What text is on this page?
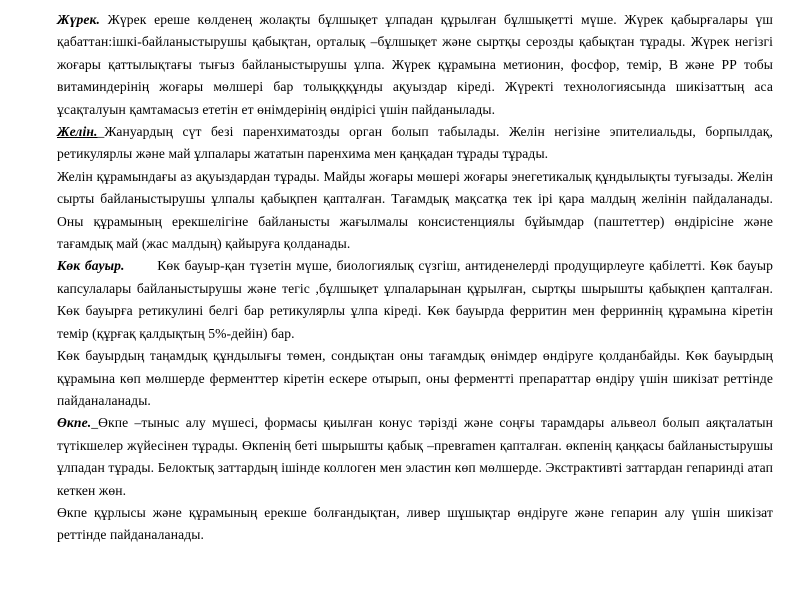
Жүрек. Жүрек ереше көлденең жолақты бұлшықет ұлпадан құрылған бұлшықетті мүше. Жүрек қабырғалары үш қабаттан:ішкі-байланыстырушы қабықтан, орталық –бұлшықет және сыртқы серозды қабықтан тұрады. Жүрек негізгі жоғары қаттылықтағы тығыз байланыстырушы ұлпа. Жүрек құрамына метионин, фосфор, темір, В және РР тобы витаминдерінің жоғары мөлшері бар толықққұнды ақуыздар кіреді. Жүректі технологиясында шикізаттың аса ұсақталуын қамтамасыз ететін ет өнімдерінің өндірісі үшін пайданылады.

Желін._Жануардың сүт безі паренхиматозды орган болып табылады. Желін негізіне эпителиальды, борпылдақ, ретикулярлы және май ұлпалары жататын паренхима мен қаңқадан тұрады тұрады.

Желін құрамындағы аз ақуыздардан тұрады. Майды жоғары мөшері жоғары энегетикалық құндылықты туғызады. Желін сырты байланыстырушы ұлпалы қабықпен қапталған. Тағамдық мақсатқа тек ірі қара малдың желінін пайдаланады. Оны құрамының ерекшелігіне байланысты жағылмалы консистенциялы бұйымдар (паштеттер) өндірісіне және тағамдық май (жас малдың) қайыруға қолданады.

Көк бауыр.       Көк бауыр-қан түзетін мүше, биологиялық сүзгіш, антиденелерді продущирлеуге қабілетті. Көк бауыр капсулалары байланыстырушы және тегіс ,бұлшықет ұлпаларынан құрылған, сыртқы шырышты қабықпен қапталған.  Көк бауырға ретикулині белгі бар ретикулярлы ұлпа кіреді. Көк бауырда ферритин мен ферриннің құрамына кіретін темір (құрғақ қалдықтың 5%-дейін) бар.

Көк бауырдың таңамдық құндылығы төмен, сондықтан оны тағамдық өнімдер өндіруге қолданбайды. Көк бауырдың құрамына көп мөлшерде ферменттер кіретін ескере отырып, оны ферментті препараттар өндіру үшін шикізат реттінде пайданаланады.

Өкпе._Өкпе –тыныс алу мүшесі, формасы қиылған конус тәрізді және соңғы тарамдары альвеол болып аяқталатын түтікшелер жүйесінен тұрады. Өкпенің беті шырышты қабық –превramен қапталған. өкпенің қаңқасы байланыстырушы ұлпадан тұрады. Белоктық заттардың ішінде коллоген мен эластин көп мөлшерде. Экстрактивті заттардан гепаринді атап кеткен жөн.

Өкпе құрлысы және құрамының ерекше болғандықтан, ливер шұшықтар өндіруге және гепарин алу үшін шикізат реттінде пайданаланады.
